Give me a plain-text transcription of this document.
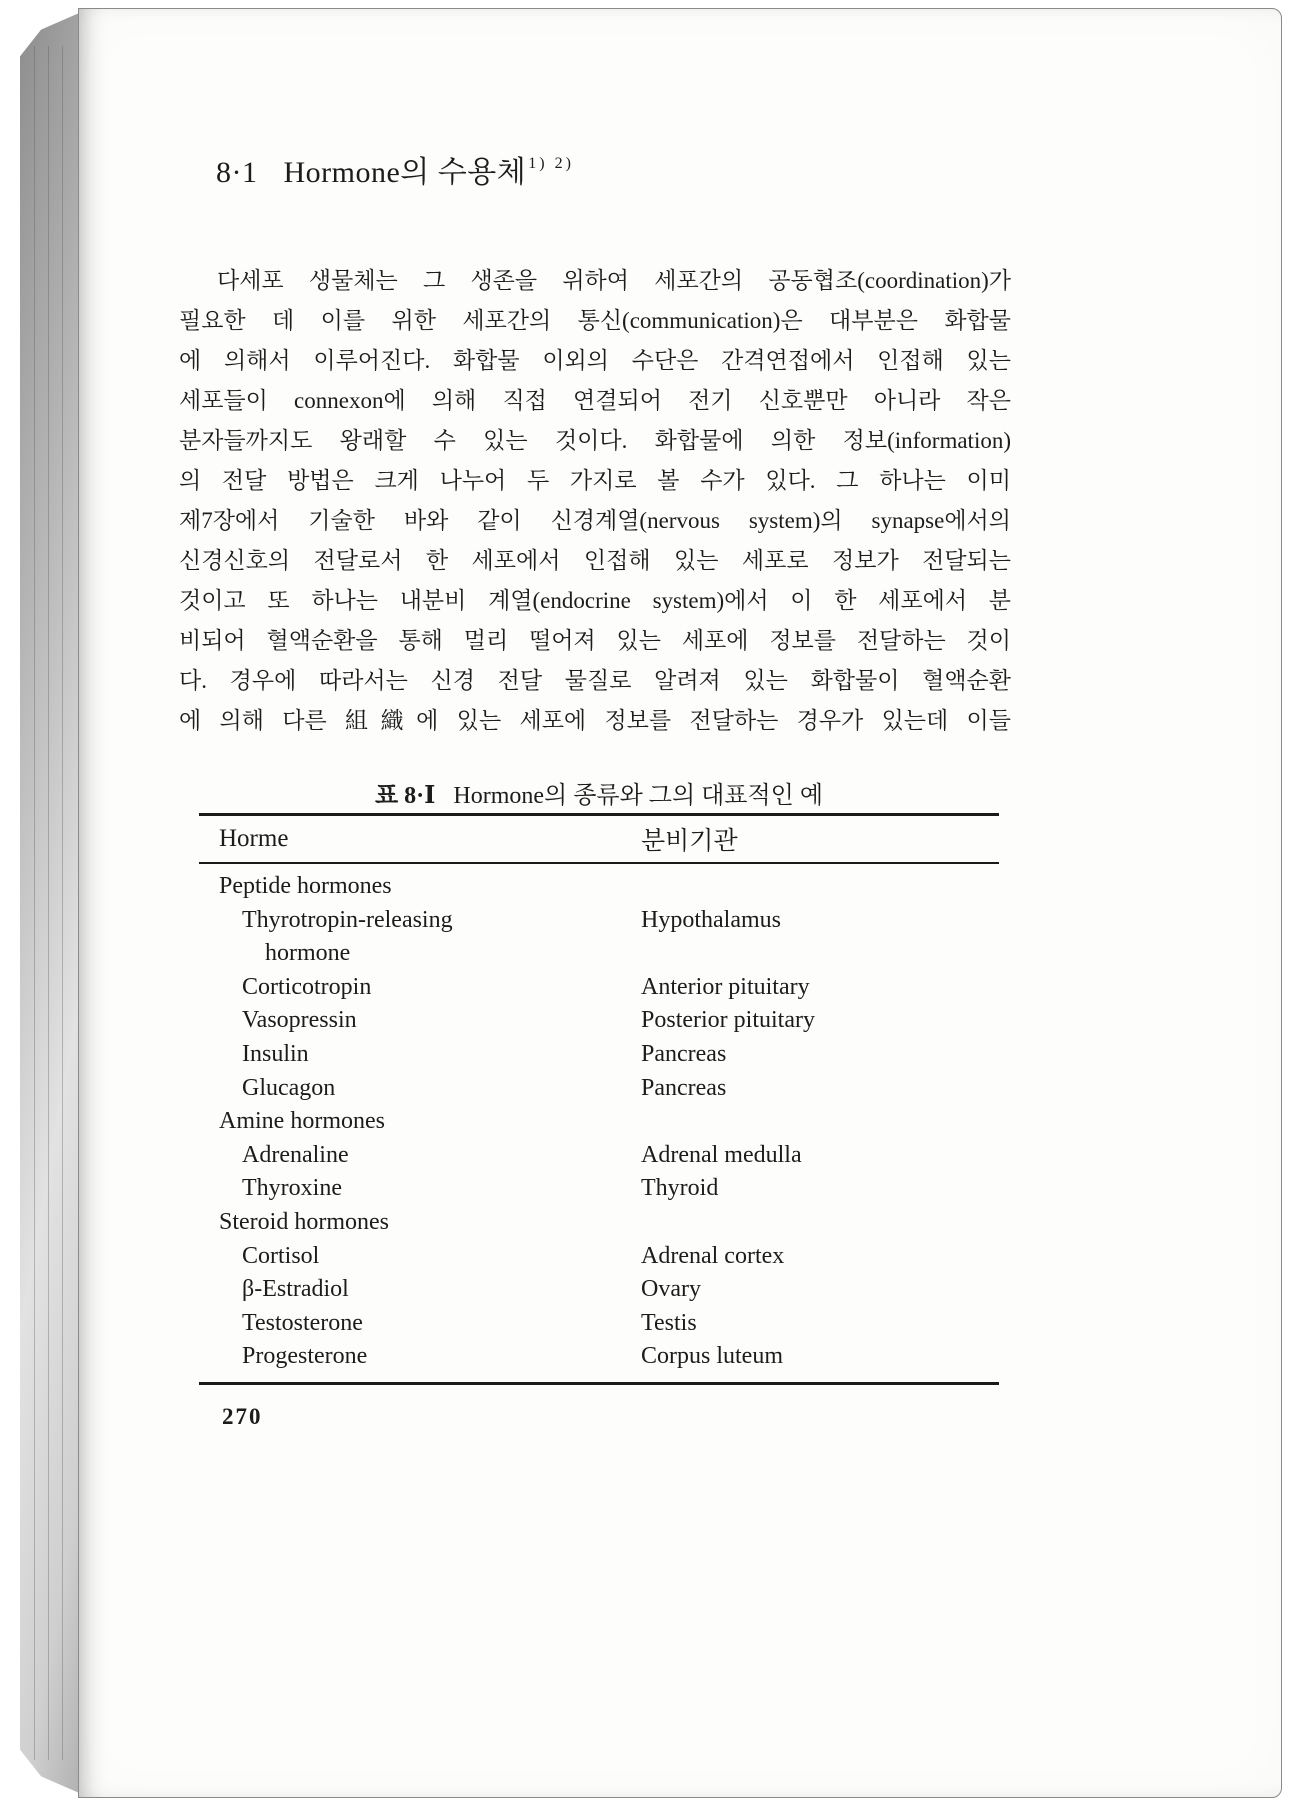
8·1 Hormone의 수용체 $^{1) 2)}$
다세포 생물체는 그 생존을 위하여 세포간의 공동협조(coordination)가
필요한 데 이를 위한 세포간의 통신(communication)은 대부분은 화합물
에 의해서 이루어진다. 화합물 이외의 수단은 간격연접에서 인접해 있는
세포들이 connexon에 의해 직접 연결되어 전기 신호뿐만 아니라 작은
분자들까지도 왕래할 수 있는 것이다. 화합물에 의한 정보(information)
의 전달 방법은 크게 나누어 두 가지로 볼 수가 있다. 그 하나는 이미
제7장에서 기술한 바와 같이 신경계열(nervous system)의 synapse에서의
신경신호의 전달로서 한 세포에서 인접해 있는 세포로 정보가 전달되는
것이고 또 하나는 내분비 계열(endocrine system)에서 이 한 세포에서 분
비되어 혈액순환을 통해 멀리 떨어져 있는 세포에 정보를 전달하는 것이
다. 경우에 따라서는 신경 전달 물질로 알려져 있는 화합물이 혈액순환
에 의해 다른 組織에 있는 세포에 정보를 전달하는 경우가 있는데 이들
표 8·Ⅰ Hormone의 종류와 그의 대표적인 예
Horme	분비기관
Peptide hormones
Thyrotropin-releasing	Hypothalamus
hormone
Corticotropin	Anterior pituitary
Vasopressin	Posterior pituitary
Insulin	Pancreas
Glucagon	Pancreas
Amine hormones
Adrenaline	Adrenal medulla
Thyroxine	Thyroid
Steroid hormones
Cortisol	Adrenal cortex
β-Estradiol	Ovary
Testosterone	Testis
Progesterone	Corpus luteum
270
